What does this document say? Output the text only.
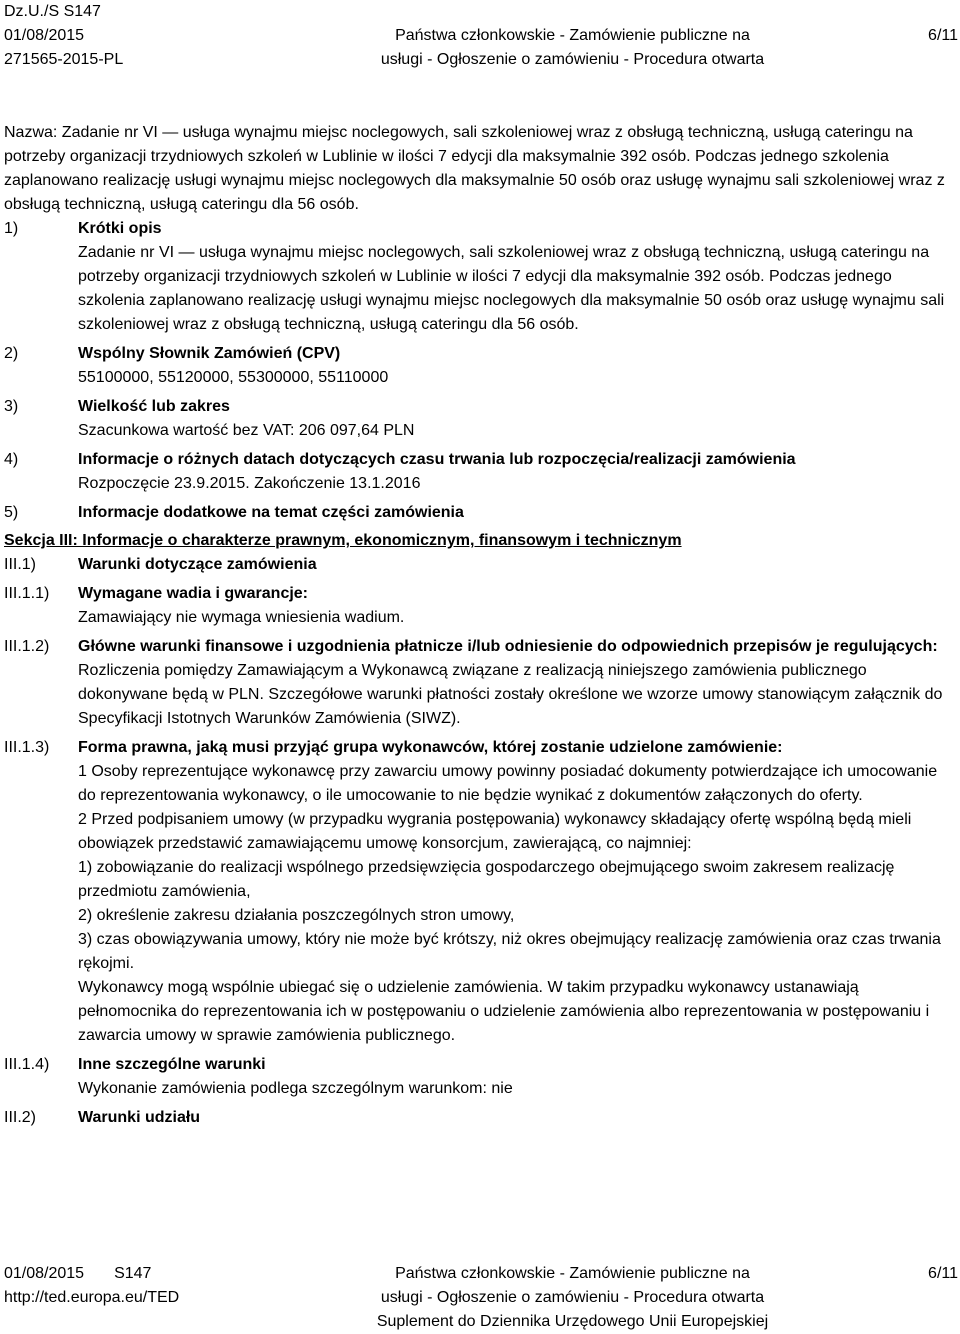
Dz.U./S S147
01/08/2015
271565-2015-PL
Państwa członkowskie - Zamówienie publiczne na
usługi - Ogłoszenie o zamówieniu - Procedura otwarta
6/11

Nazwa: Zadanie nr VI — usługa wynajmu miejsc noclegowych, sali szkoleniowej wraz z obsługą techniczną, usługą cateringu na potrzeby organizacji trzydniowych szkoleń w Lublinie w ilości 7 edycji dla maksymalnie 392 osób. Podczas jednego szkolenia zaplanowano realizację usługi wynajmu miejsc noclegowych dla maksymalnie 50 osób oraz usługę wynajmu sali szkoleniowej wraz z obsługą techniczną, usługą cateringu dla 56 osób.

1)	Krótki opis
Zadanie nr VI — usługa wynajmu miejsc noclegowych, sali szkoleniowej wraz z obsługą techniczną, usługą cateringu na potrzeby organizacji trzydniowych szkoleń w Lublinie w ilości 7 edycji dla maksymalnie 392 osób. Podczas jednego szkolenia zaplanowano realizację usługi wynajmu miejsc noclegowych dla maksymalnie 50 osób oraz usługę wynajmu sali szkoleniowej wraz z obsługą techniczną, usługą cateringu dla 56 osób.
2)	Wspólny Słownik Zamówień (CPV)
55100000, 55120000, 55300000, 55110000
3)	Wielkość lub zakres
Szacunkowa wartość bez VAT: 206 097,64 PLN
4)	Informacje o różnych datach dotyczących czasu trwania lub rozpoczęcia/realizacji zamówienia
Rozpoczęcie 23.9.2015. Zakończenie 13.1.2016
5)	Informacje dodatkowe na temat części zamówienia
Sekcja III: Informacje o charakterze prawnym, ekonomicznym, finansowym i technicznym
III.1)	Warunki dotyczące zamówienia
III.1.1) Wymagane wadia i gwarancje:
Zamawiający nie wymaga wniesienia wadium.
III.1.2) Główne warunki finansowe i uzgodnienia płatnicze i/lub odniesienie do odpowiednich przepisów je regulujących:
Rozliczenia pomiędzy Zamawiającym a Wykonawcą związane z realizacją niniejszego zamówienia publicznego dokonywane będą w PLN. Szczegółowe warunki płatności zostały określone we wzorze umowy stanowiącym załącznik do Specyfikacji Istotnych Warunków Zamówienia (SIWZ).
III.1.3) Forma prawna, jaką musi przyjąć grupa wykonawców, której zostanie udzielone zamówienie:

1 Osoby reprezentujące wykonawcę przy zawarciu umowy powinny posiadać dokumenty potwierdzające ich umocowanie do reprezentowania wykonawcy, o ile umocowanie to nie będzie wynikać z dokumentów załączonych do oferty.

2 Przed podpisaniem umowy (w przypadku wygrania postępowania) wykonawcy składający ofertę wspólną będą mieli obowiązek przedstawić zamawiającemu umowę konsorcjum, zawierającą, co najmniej:

1) zobowiązanie do realizacji wspólnego przedsięwzięcia gospodarczego obejmującego swoim zakresem realizację przedmiotu zamówienia,

2) określenie zakresu działania poszczególnych stron umowy,

3) czas obowiązywania umowy, który nie może być krótszy, niż okres obejmujący realizację zamówienia oraz czas trwania rękojmi.

Wykonawcy mogą wspólnie ubiegać się o udzielenie zamówienia. W takim przypadku wykonawcy ustanawiają pełnomocnika do reprezentowania ich w postępowaniu o udzielenie zamówienia albo reprezentowania w postępowaniu i zawarcia umowy w sprawie zamówienia publicznego.

III.1.4) Inne szczególne warunki
Wykonanie zamówienia podlega szczególnym warunkom: nie
III.2)	Warunki udziału
01/08/2015 S147
http://ted.europa.eu/TED
Państwa członkowskie - Zamówienie publiczne na
usługi - Ogłoszenie o zamówieniu - Procedura otwarta
Suplement do Dziennika Urzędowego Unii Europejskiej
6/11
